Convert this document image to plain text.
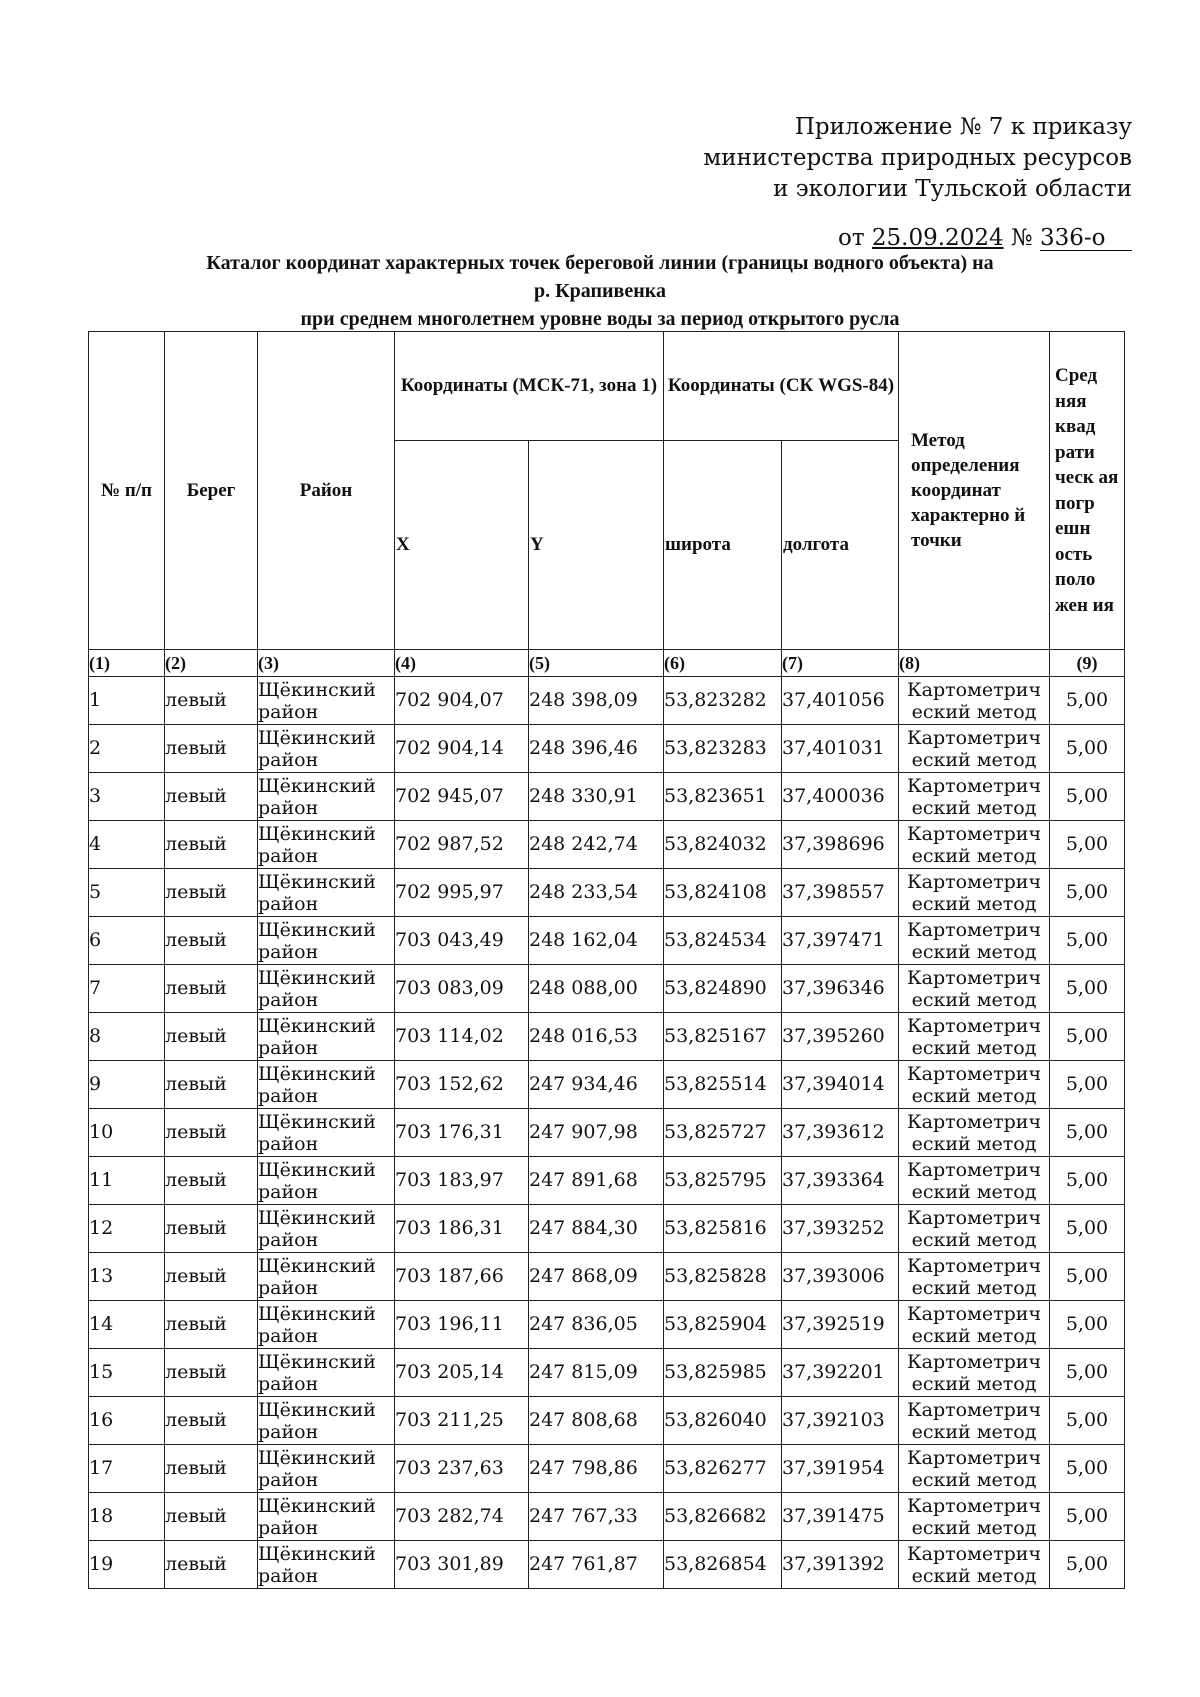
Приложение № 7 к приказу
министерства природных ресурсов
и экологии Тульской области
от 25.09.2024 № 336-о
Каталог координат характерных точек береговой линии (границы водного объекта) на
р. Крапивенка
при среднем многолетнем уровне воды за период открытого русла
№ п/п	Берег	Район	Координаты (МСК-71, зона 1)		Координаты (СК WGS-84)		Метод определения координат характерно й точки	Сред няя квад рати ческ ая погр ешн ость поло жен ия
			X	Y	широта	долгота		
(1)	(2)	(3)	(4)	(5)	(6)	(7)	(8)	(9)
1	левый	Щёкинский район	702 904,07	248 398,09	53,823282	37,401056	Картометрич еский метод	5,00
2	левый	Щёкинский район	702 904,14	248 396,46	53,823283	37,401031	Картометрич еский метод	5,00
3	левый	Щёкинский район	702 945,07	248 330,91	53,823651	37,400036	Картометрич еский метод	5,00
4	левый	Щёкинский район	702 987,52	248 242,74	53,824032	37,398696	Картометрич еский метод	5,00
5	левый	Щёкинский район	702 995,97	248 233,54	53,824108	37,398557	Картометрич еский метод	5,00
6	левый	Щёкинский район	703 043,49	248 162,04	53,824534	37,397471	Картометрич еский метод	5,00
7	левый	Щёкинский район	703 083,09	248 088,00	53,824890	37,396346	Картометрич еский метод	5,00
8	левый	Щёкинский район	703 114,02	248 016,53	53,825167	37,395260	Картометрич еский метод	5,00
9	левый	Щёкинский район	703 152,62	247 934,46	53,825514	37,394014	Картометрич еский метод	5,00
10	левый	Щёкинский район	703 176,31	247 907,98	53,825727	37,393612	Картометрич еский метод	5,00
11	левый	Щёкинский район	703 183,97	247 891,68	53,825795	37,393364	Картометрич еский метод	5,00
12	левый	Щёкинский район	703 186,31	247 884,30	53,825816	37,393252	Картометрич еский метод	5,00
13	левый	Щёкинский район	703 187,66	247 868,09	53,825828	37,393006	Картометрич еский метод	5,00
14	левый	Щёкинский район	703 196,11	247 836,05	53,825904	37,392519	Картометрич еский метод	5,00
15	левый	Щёкинский район	703 205,14	247 815,09	53,825985	37,392201	Картометрич еский метод	5,00
16	левый	Щёкинский район	703 211,25	247 808,68	53,826040	37,392103	Картометрич еский метод	5,00
17	левый	Щёкинский район	703 237,63	247 798,86	53,826277	37,391954	Картометрич еский метод	5,00
18	левый	Щёкинский район	703 282,74	247 767,33	53,826682	37,391475	Картометрич еский метод	5,00
19	левый	Щёкинский район	703 301,89	247 761,87	53,826854	37,391392	Картометрич еский метод	5,00
